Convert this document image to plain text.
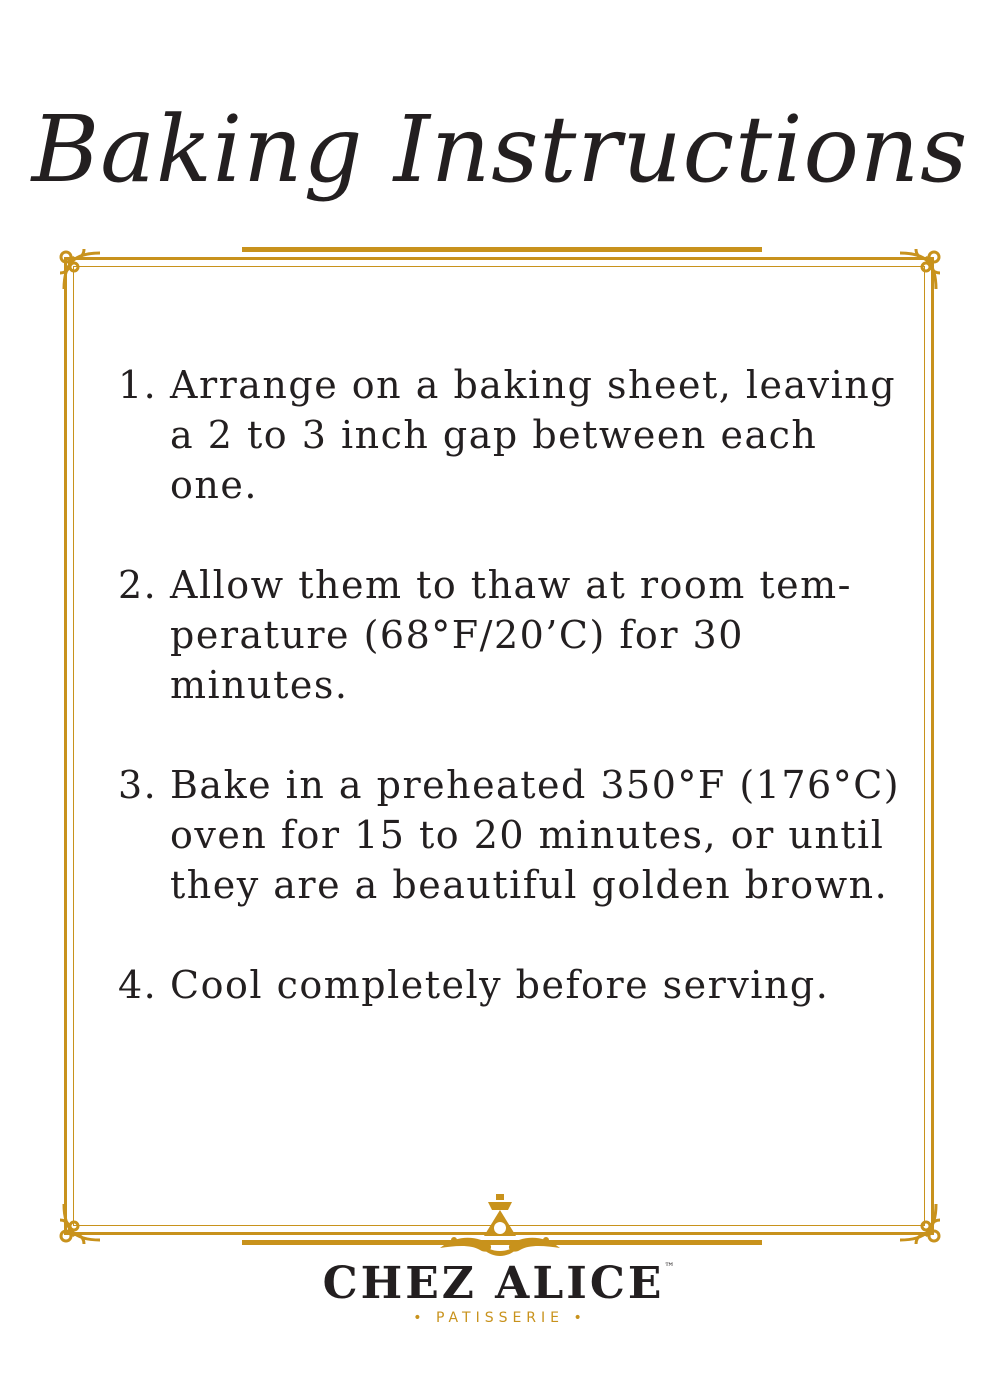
Baking Instructions
1. Arrange on a baking sheet, leaving a 2 to 3 inch gap between each one.
2. Allow them to thaw at room temperature (68°F/20’C) for 30 minutes.
3. Bake in a preheated 350°F (176°C) oven for 15 to 20 minutes, or until they are a beautiful golden brown.
4. Cool completely before serving.
CHEZ ALICE™
• PATISSERIE •
